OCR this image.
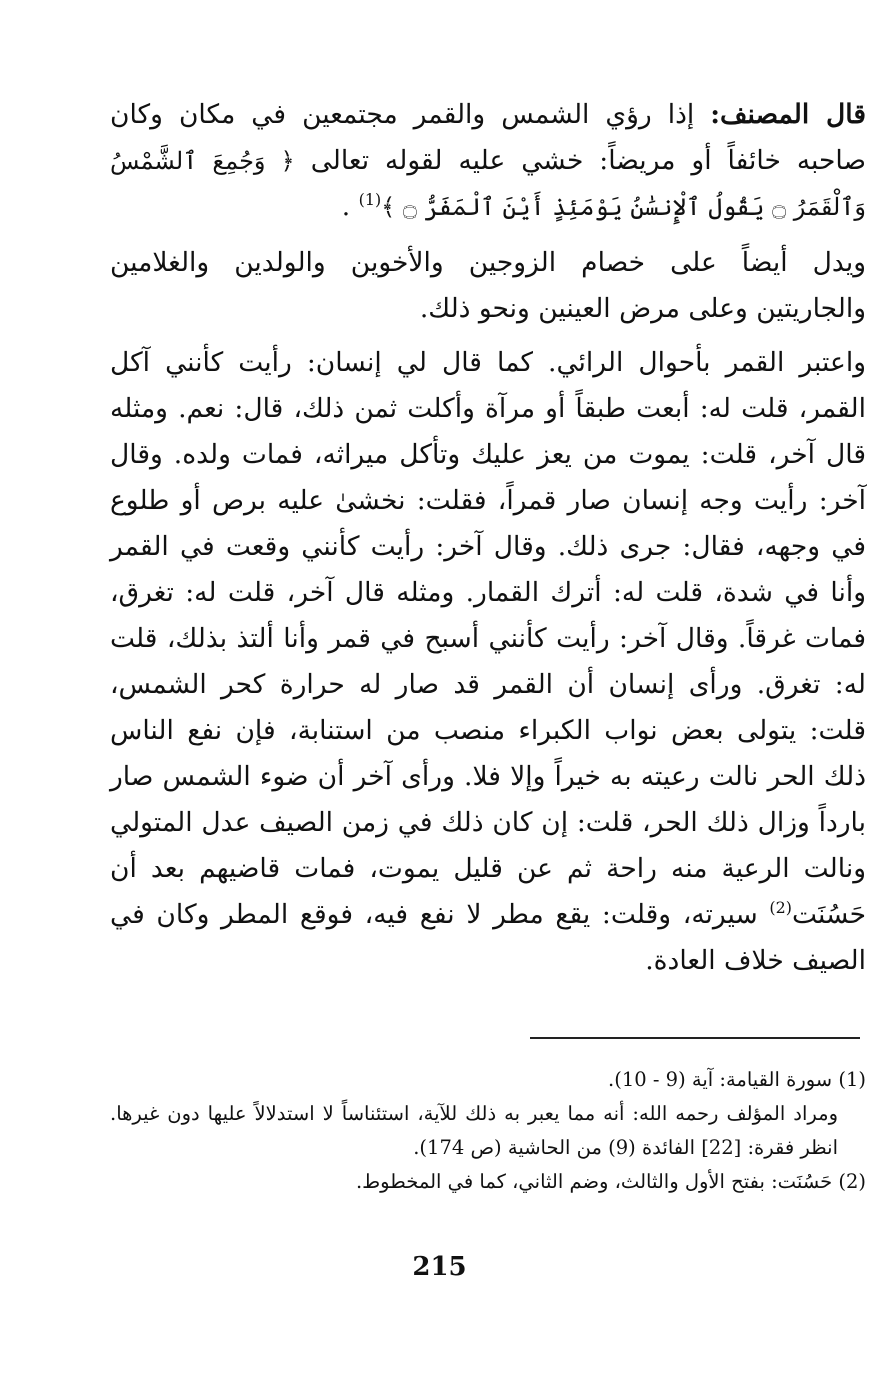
قال المصنف: إذا رؤي الشمس والقمر مجتمعين في مكان وكان صاحبه خائفاً أو مريضاً: خشي عليه لقوله تعالى ﴿ وَجُمِعَ ٱلشَّمْسُ وَٱلْقَمَرُ ۝ يَقُولُ ٱلْإِنسَٰنُ يَوْمَئِذٍ أَيْنَ ٱلْمَفَرُّ ۝ ﴾$^{(1)}$ .

ويدل أيضاً على خصام الزوجين والأخوين والولدين والغلامين والجاريتين وعلى مرض العينين ونحو ذلك.

واعتبر القمر بأحوال الرائي. كما قال لي إنسان: رأيت كأنني آكل القمر، قلت له: أبعت طبقاً أو مرآة وأكلت ثمن ذلك، قال: نعم. ومثله قال آخر، قلت: يموت من يعز عليك وتأكل ميراثه، فمات ولده. وقال آخر: رأيت وجه إنسان صار قمراً، فقلت: نخشىٰ عليه برص أو طلوع في وجهه، فقال: جرى ذلك. وقال آخر: رأيت كأنني وقعت في القمر وأنا في شدة، قلت له: أترك القمار. ومثله قال آخر، قلت له: تغرق، فمات غرقاً. وقال آخر: رأيت كأنني أسبح في قمر وأنا ألتذ بذلك، قلت له: تغرق. ورأى إنسان أن القمر قد صار له حرارة كحر الشمس، قلت: يتولى بعض نواب الكبراء منصب من استنابة، فإن نفع الناس ذلك الحر نالت رعيته به خيراً وإلا فلا. ورأى آخر أن ضوء الشمس صار بارداً وزال ذلك الحر، قلت: إن كان ذلك في زمن الصيف عدل المتولي ونالت الرعية منه راحة ثم عن قليل يموت، فمات قاضيهم بعد أن حَسُنَت$^{(2)}$ سيرته، وقلت: يقع مطر لا نفع فيه، فوقع المطر وكان في الصيف خلاف العادة.

(1) سورة القيامة: آية (9 - 10).

ومراد المؤلف رحمه الله: أنه مما يعبر به ذلك للآية، استئناساً لا استدلالاً عليها دون غيرها. انظر فقرة: [22] الفائدة (9) من الحاشية (ص 174).

(2) حَسُنَت: بفتح الأول والثالث، وضم الثاني، كما في المخطوط.

215
